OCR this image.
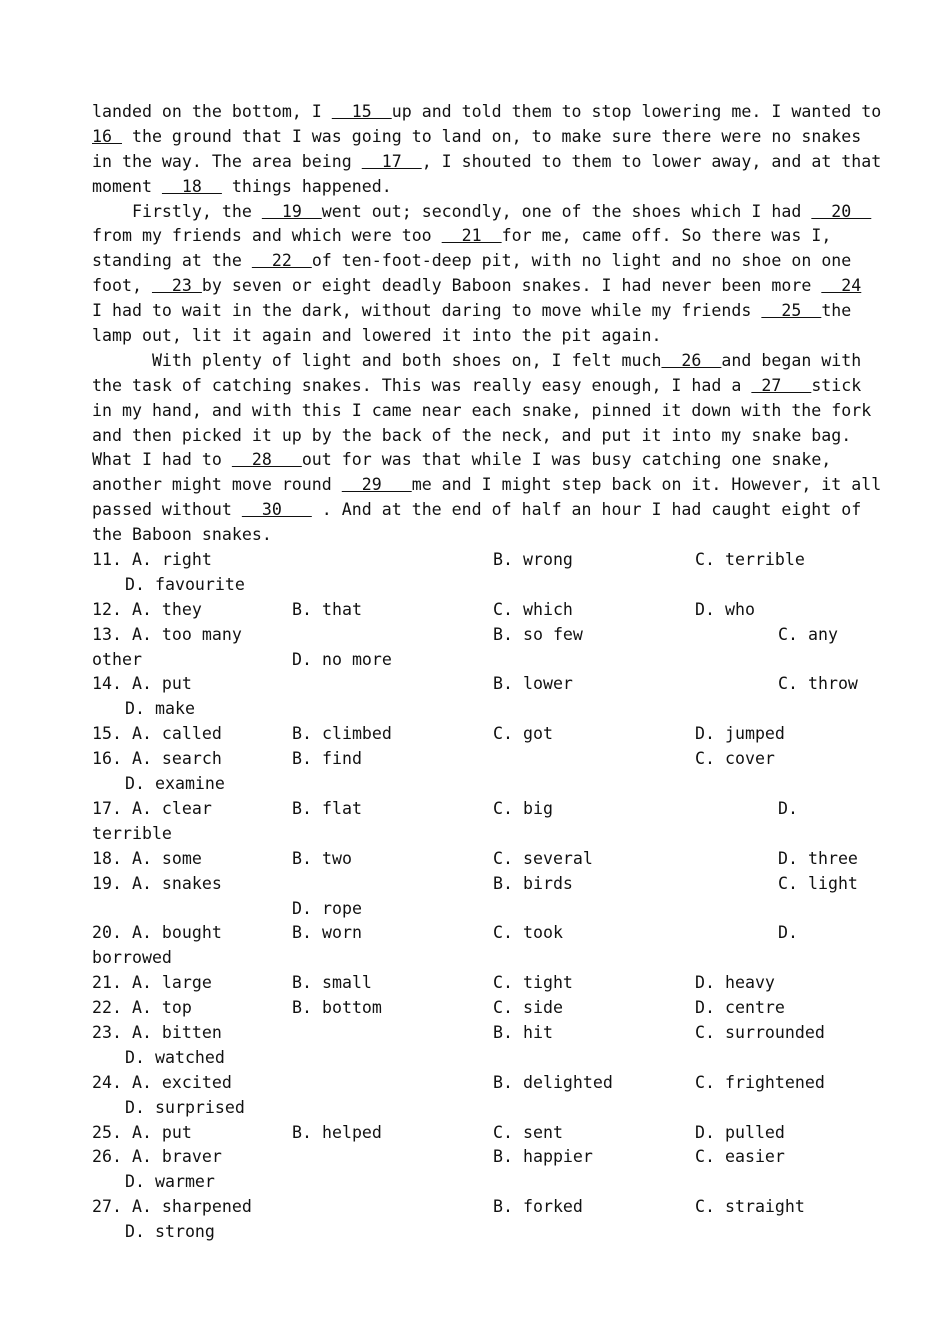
landed on the bottom, I   15  up and told them to stop lowering me. I wanted to
16  the ground that I was going to land on, to make sure there were no snakes
in the way. The area being   17  , I shouted to them to lower away, and at that
moment   18   things happened.
Firstly, the   19  went out; secondly, one of the shoes which I had   20
from my friends and which were too   21  for me, came off. So there was I,
standing at the   22  of ten-foot-deep pit, with no light and no shoe on one
foot,   23 by seven or eight deadly Baboon snakes. I had never been more   24
I had to wait in the dark, without daring to move while my friends   25  the
lamp out, lit it again and lowered it into the pit again.
With plenty of light and both shoes on, I felt much  26  and began with
the task of catching snakes. This was really easy enough, I had a  27   stick
in my hand, and with this I came near each snake, pinned it down with the fork
and then picked it up by the back of the neck, and put it into my snake bag.
What I had to   28   out for was that while I was busy catching one snake,
another might move round   29   me and I might step back on it. However, it all
passed without   30    . And at the end of half an hour I had caught eight of
the Baboon snakes.
11. A. right	B. wrong	C. terrible
D. favourite
12. A. they	B. that	C. which	D. who
13. A. too many	B. so few	C. any
other	D. no more
14. A. put	B. lower	C. throw
D. make
15. A. called	B. climbed	C. got	D. jumped
16. A. search	B. find	C. cover
D. examine
17. A. clear	B. flat	C. big	D.
terrible
18. A. some	B. two	C. several	D. three
19. A. snakes	B. birds	C. light
D. rope
20. A. bought	B. worn	C. took	D.
borrowed
21. A. large	B. small	C. tight	D. heavy
22. A. top	B. bottom	C. side	D. centre
23. A. bitten	B. hit	C. surrounded
D. watched
24. A. excited	B. delighted	C. frightened
D. surprised
25. A. put	B. helped	C. sent	D. pulled
26. A. braver	B. happier	C. easier
D. warmer
27. A. sharpened	B. forked	C. straight
D. strong
